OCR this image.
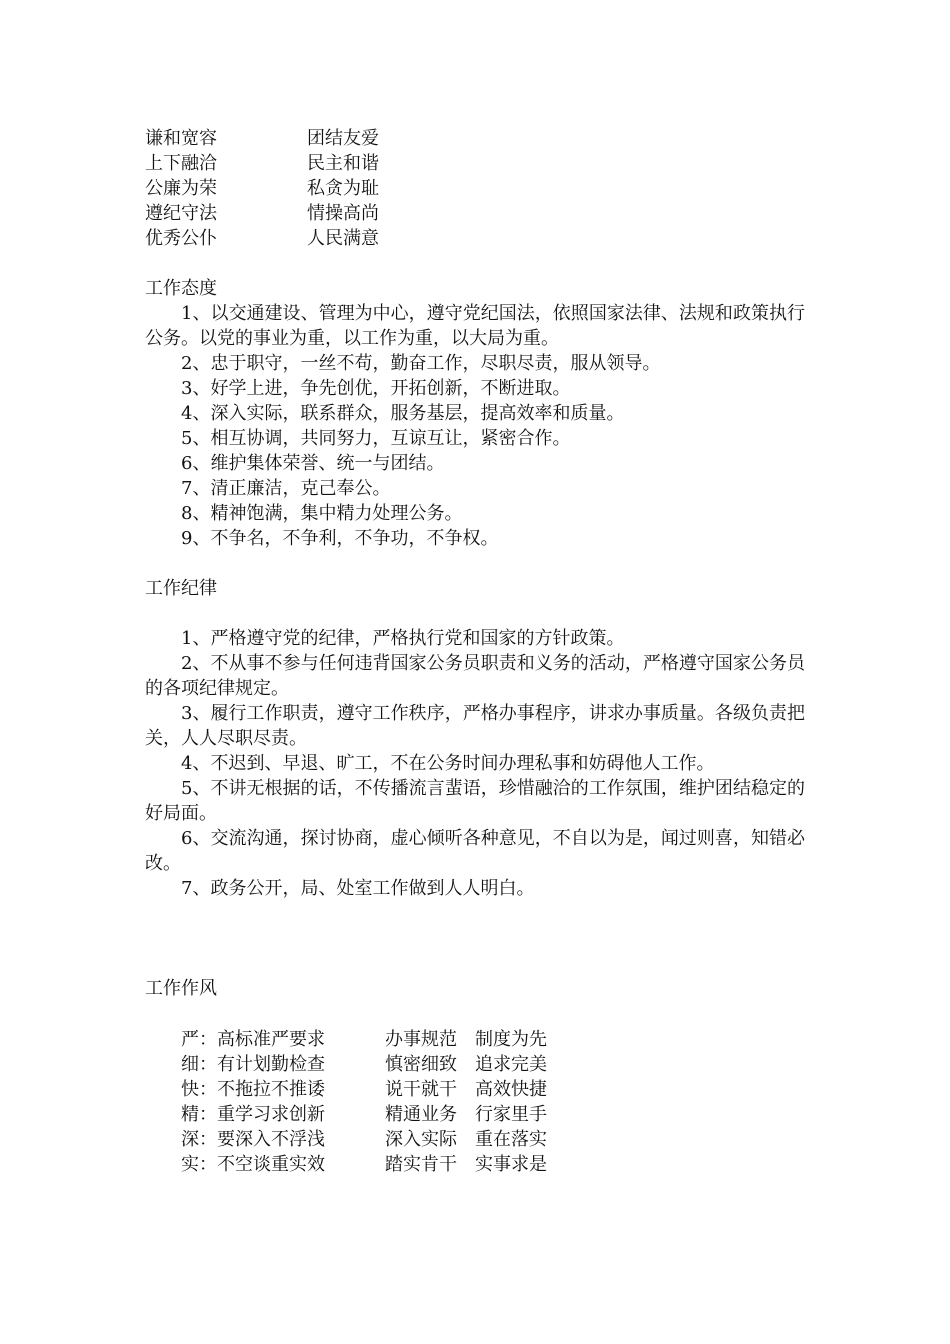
谦和宽容	团结友爱
上下融洽	民主和谐
公廉为荣	私贪为耻
遵纪守法	情操高尚
优秀公仆	人民满意
工作态度
1、以交通建设、管理为中心，遵守党纪国法，依照国家法律、法规和政策执行公务。以党的事业为重，以工作为重，以大局为重。
2、忠于职守，一丝不苟，勤奋工作，尽职尽责，服从领导。
3、好学上进，争先创优，开拓创新，不断进取。
4、深入实际，联系群众，服务基层，提高效率和质量。
5、相互协调，共同努力，互谅互让，紧密合作。
6、维护集体荣誉、统一与团结。
7、清正廉洁，克己奉公。
8、精神饱满，集中精力处理公务。
9、不争名，不争利，不争功，不争权。
工作纪律
1、严格遵守党的纪律，严格执行党和国家的方针政策。
2、不从事不参与任何违背国家公务员职责和义务的活动，严格遵守国家公务员的各项纪律规定。
3、履行工作职责，遵守工作秩序，严格办事程序，讲求办事质量。各级负责把关，人人尽职尽责。
4、不迟到、早退、旷工，不在公务时间办理私事和妨碍他人工作。
5、不讲无根据的话，不传播流言蜚语，珍惜融洽的工作氛围，维护团结稳定的好局面。
6、交流沟通，探讨协商，虚心倾听各种意见，不自以为是，闻过则喜，知错必改。
7、政务公开，局、处室工作做到人人明白。
工作作风
严：高标准严要求	办事规范	制度为先
细：有计划勤检查	慎密细致	追求完美
快：不拖拉不推诿	说干就干	高效快捷
精：重学习求创新	精通业务	行家里手
深：要深入不浮浅	深入实际	重在落实
实：不空谈重实效	踏实肯干	实事求是
